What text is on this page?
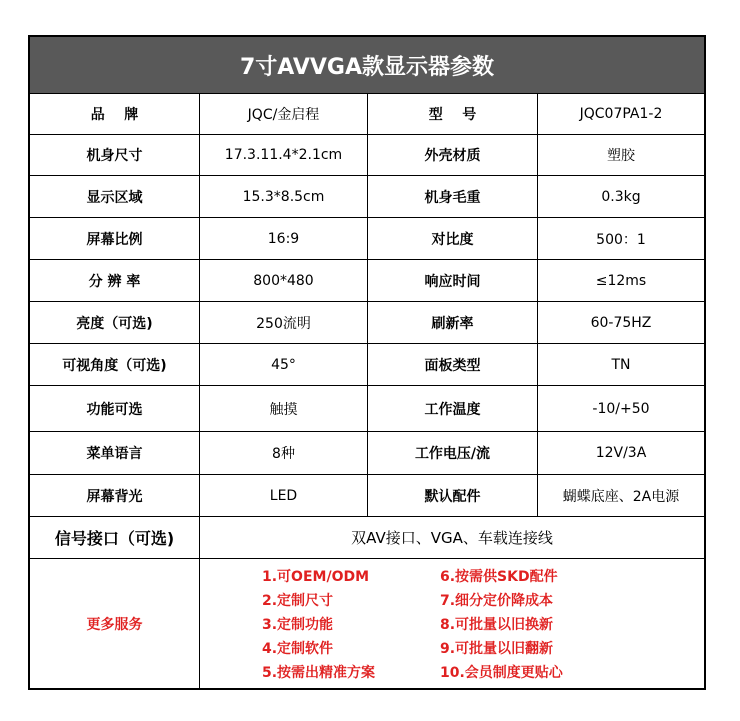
7寸AVVGA款显示器参数
品    牌	JQC/金启程	型    号	JQC07PA1-2
机身尺寸	17.3.11.4*2.1cm	外壳材质	塑胶
显示区域	15.3*8.5cm	机身毛重	0.3kg
屏幕比例	16:9	对比度	500：1
分 辨 率	800*480	响应时间	≤12ms
亮度（可选)	250流明	刷新率	60-75HZ
可视角度（可选)	45°	面板类型	TN
功能可选	触摸	工作温度	-10/+50
菜单语言	8种	工作电压/流	12V/3A
屏幕背光	LED	默认配件	蝴蝶底座、2A电源
信号接口（可选)	双AV接口、VGA、车载连接线
更多服务
1.可OEM/ODM	6.按需供SKD配件
2.定制尺寸	7.细分定价降成本
3.定制功能	8.可批量以旧换新
4.定制软件	9.可批量以旧翻新
5.按需出精准方案	10.会员制度更贴心
